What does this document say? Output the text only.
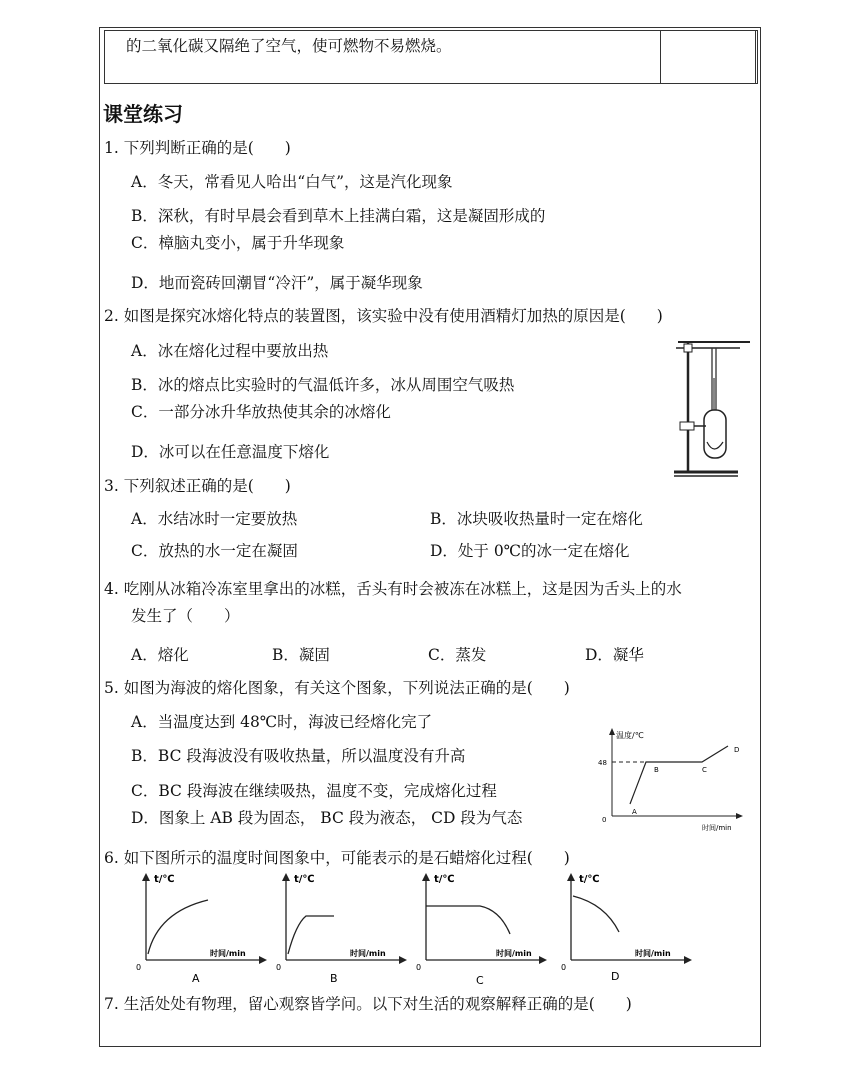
的二氧化碳又隔绝了空气，使可燃物不易燃烧。
课堂练习
1. 下列判断正确的是(　　)
A．冬天，常看见人哈出“白气”，这是汽化现象
B．深秋，有时早晨会看到草木上挂满白霜，这是凝固形成的
C．樟脑丸变小，属于升华现象
D．地而瓷砖回潮冒“冷汗”，属于凝华现象
2. 如图是探究冰熔化特点的装置图，该实验中没有使用酒精灯加热的原因是(　　)
A．冰在熔化过程中要放出热
B．冰的熔点比实验时的气温低许多，冰从周围空气吸热
C．一部分冰升华放热使其余的冰熔化
D．冰可以在任意温度下熔化
3. 下列叙述正确的是(　　)
A．水结冰时一定要放热	B．冰块吸收热量时一定在熔化
C．放热的水一定在凝固	D．处于 0℃的冰一定在熔化
4. 吃刚从冰箱冷冻室里拿出的冰糕，舌头有时会被冻在冰糕上，这是因为舌头上的水
发生了（　　）
A．熔化	B．凝固	C．蒸发	D．凝华
5. 如图为海波的熔化图象，有关这个图象，下列说法正确的是(　　)
A．当温度达到 48℃时，海波已经熔化完了
B．BC 段海波没有吸收热量，所以温度没有升高
C．BC 段海波在继续吸热，温度不变，完成熔化过程
D．图象上 AB 段为固态， BC 段为液态， CD 段为气态
温度/℃
48
0
A
B	C
D
时间/min
6. 如下图所示的温度时间图象中，可能表示的是石蜡熔化过程(　　)
t/℃
0
时间/min
A
t/℃
0
时间/min
B
t/℃
0
时间/min
C
t/℃
0
时间/min
D
7. 生活处处有物理，留心观察皆学问。以下对生活的观察解释正确的是(　　)
